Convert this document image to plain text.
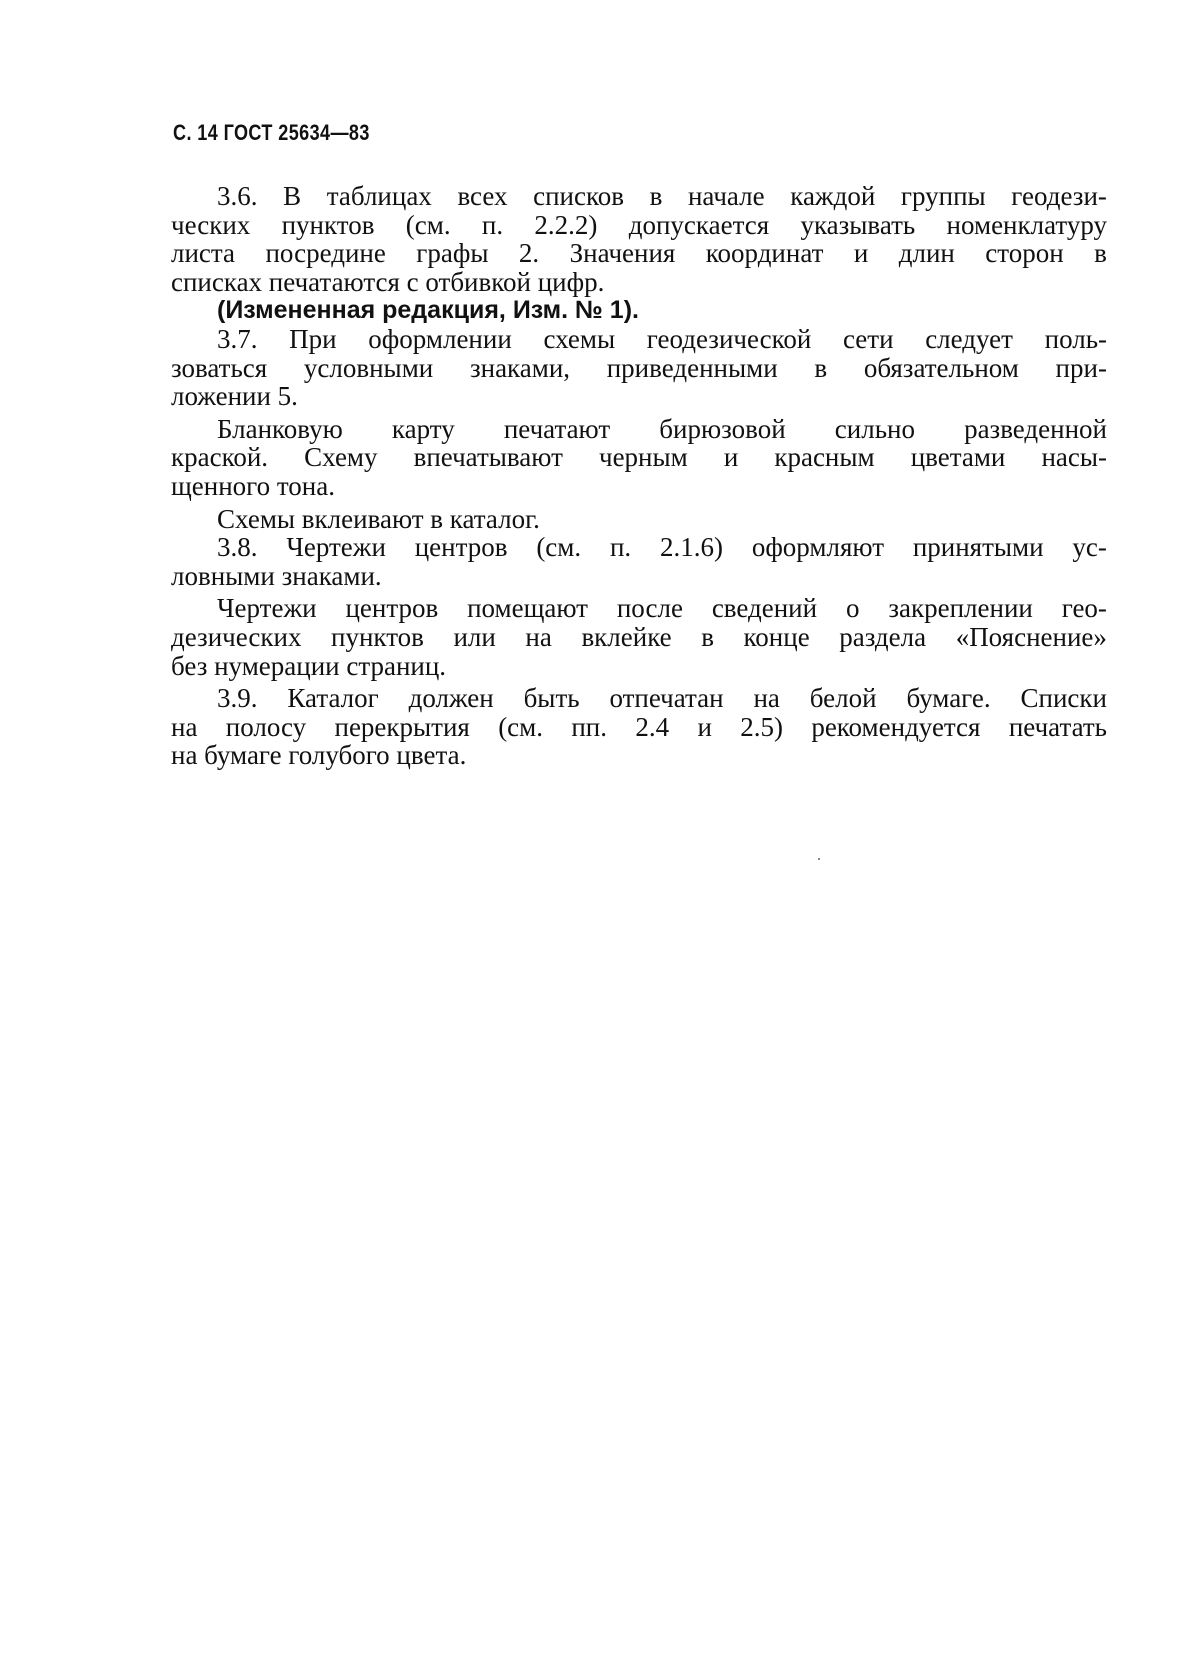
С. 14 ГОСТ 25634—83
3.6. В таблицах всех списков в начале каждой группы геодези-
ческих пунктов (см. п. 2.2.2) допускается указывать номенклатуру
листа посредине графы 2. Значения координат и длин сторон в
списках печатаются с отбивкой цифр.
(Измененная редакция, Изм. № 1).
3.7. При оформлении схемы геодезической сети следует поль-
зоваться условными знаками, приведенными в обязательном при-
ложении 5.
Бланковую карту печатают бирюзовой сильно разведенной
краской. Схему впечатывают черным и красным цветами насы-
щенного тона.
Схемы вклеивают в каталог.
3.8. Чертежи центров (см. п. 2.1.6) оформляют принятыми ус-
ловными знаками.
Чертежи центров помещают после сведений о закреплении гео-
дезических пунктов или на вклейке в конце раздела «Пояснение»
без нумерации страниц.
3.9. Каталог должен быть отпечатан на белой бумаге. Списки
на полосу перекрытия (см. пп. 2.4 и 2.5) рекомендуется печатать
на бумаге голубого цвета.
